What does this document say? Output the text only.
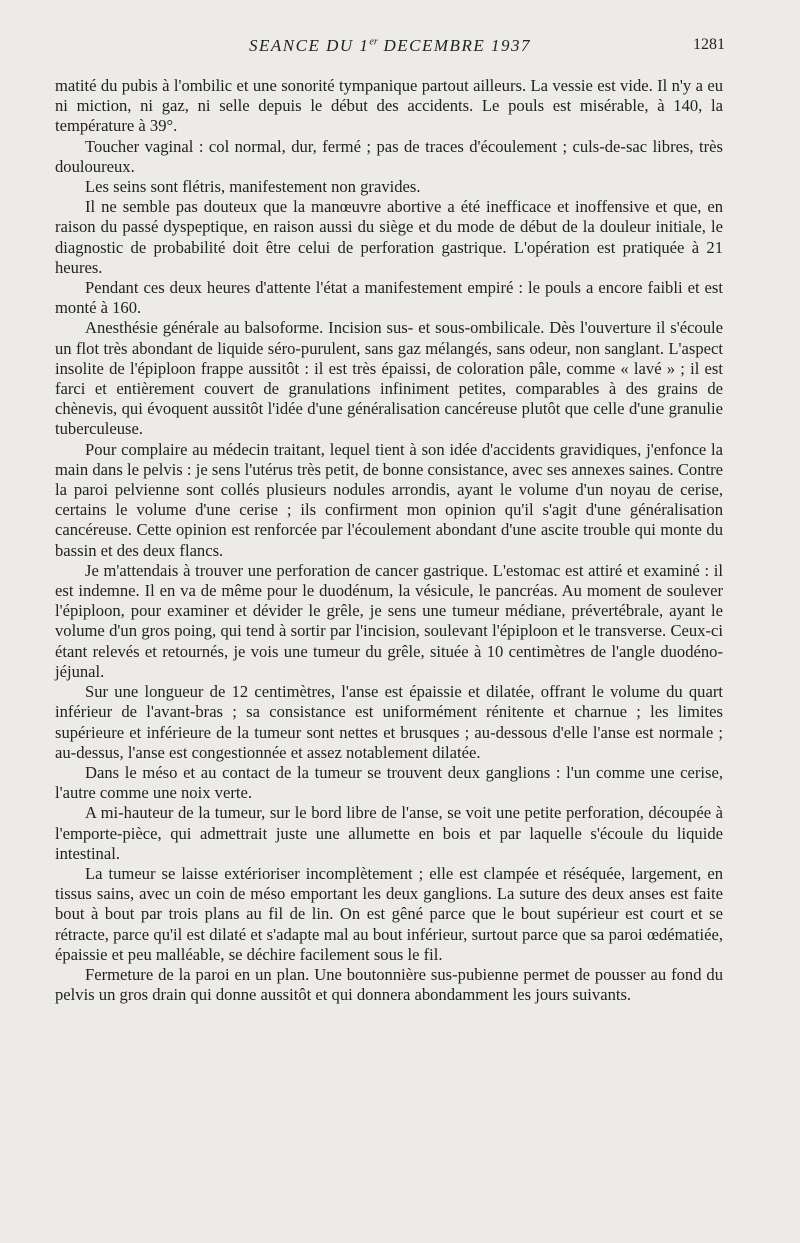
SEANCE DU 1er DECEMBRE 1937	1281

matité du pubis à l'ombilic et une sonorité tympanique partout ailleurs. La vessie est vide. Il n'y a eu ni miction, ni gaz, ni selle depuis le début des accidents. Le pouls est misérable, à 140, la température à 39°.

Toucher vaginal : col normal, dur, fermé ; pas de traces d'écoulement ; culs-de-sac libres, très douloureux.

Les seins sont flétris, manifestement non gravides.

Il ne semble pas douteux que la manœuvre abortive a été inefficace et inoffensive et que, en raison du passé dyspeptique, en raison aussi du siège et du mode de début de la douleur initiale, le diagnostic de probabilité doit être celui de perforation gastrique. L'opération est pratiquée à 21 heures.

Pendant ces deux heures d'attente l'état a manifestement empiré : le pouls a encore faibli et est monté à 160.

Anesthésie générale au balsoforme. Incision sus- et sous-ombilicale. Dès l'ouverture il s'écoule un flot très abondant de liquide séro-purulent, sans gaz mélangés, sans odeur, non sanglant. L'aspect insolite de l'épiploon frappe aussitôt : il est très épaissi, de coloration pâle, comme « lavé » ; il est farci et entièrement couvert de granulations infiniment petites, comparables à des grains de chènevis, qui évoquent aussitôt l'idée d'une généralisation cancéreuse plutôt que celle d'une granulie tuberculeuse.

Pour complaire au médecin traitant, lequel tient à son idée d'accidents gravidiques, j'enfonce la main dans le pelvis : je sens l'utérus très petit, de bonne consistance, avec ses annexes saines. Contre la paroi pelvienne sont collés plusieurs nodules arrondis, ayant le volume d'un noyau de cerise, certains le volume d'une cerise ; ils confirment mon opinion qu'il s'agit d'une généralisation cancéreuse. Cette opinion est renforcée par l'écoulement abondant d'une ascite trouble qui monte du bassin et des deux flancs.

Je m'attendais à trouver une perforation de cancer gastrique. L'estomac est attiré et examiné : il est indemne. Il en va de même pour le duodénum, la vésicule, le pancréas. Au moment de soulever l'épiploon, pour examiner et dévider le grêle, je sens une tumeur médiane, prévertébrale, ayant le volume d'un gros poing, qui tend à sortir par l'incision, soulevant l'épiploon et le transverse. Ceux-ci étant relevés et retournés, je vois une tumeur du grêle, située à 10 centimètres de l'angle duodéno-jéjunal.

Sur une longueur de 12 centimètres, l'anse est épaissie et dilatée, offrant le volume du quart inférieur de l'avant-bras ; sa consistance est uniformément rénitente et charnue ; les limites supérieure et inférieure de la tumeur sont nettes et brusques ; au-dessous d'elle l'anse est normale ; au-dessus, l'anse est congestionnée et assez notablement dilatée.

Dans le méso et au contact de la tumeur se trouvent deux ganglions : l'un comme une cerise, l'autre comme une noix verte.

A mi-hauteur de la tumeur, sur le bord libre de l'anse, se voit une petite perforation, découpée à l'emporte-pièce, qui admettrait juste une allumette en bois et par laquelle s'écoule du liquide intestinal.

La tumeur se laisse extérioriser incomplètement ; elle est clampée et réséquée, largement, en tissus sains, avec un coin de méso emportant les deux ganglions. La suture des deux anses est faite bout à bout par trois plans au fil de lin. On est gêné parce que le bout supérieur est court et se rétracte, parce qu'il est dilaté et s'adapte mal au bout inférieur, surtout parce que sa paroi œdématiée, épaissie et peu malléable, se déchire facilement sous le fil.

Fermeture de la paroi en un plan. Une boutonnière sus-pubienne permet de pousser au fond du pelvis un gros drain qui donne aussitôt et qui donnera abondamment les jours suivants.
